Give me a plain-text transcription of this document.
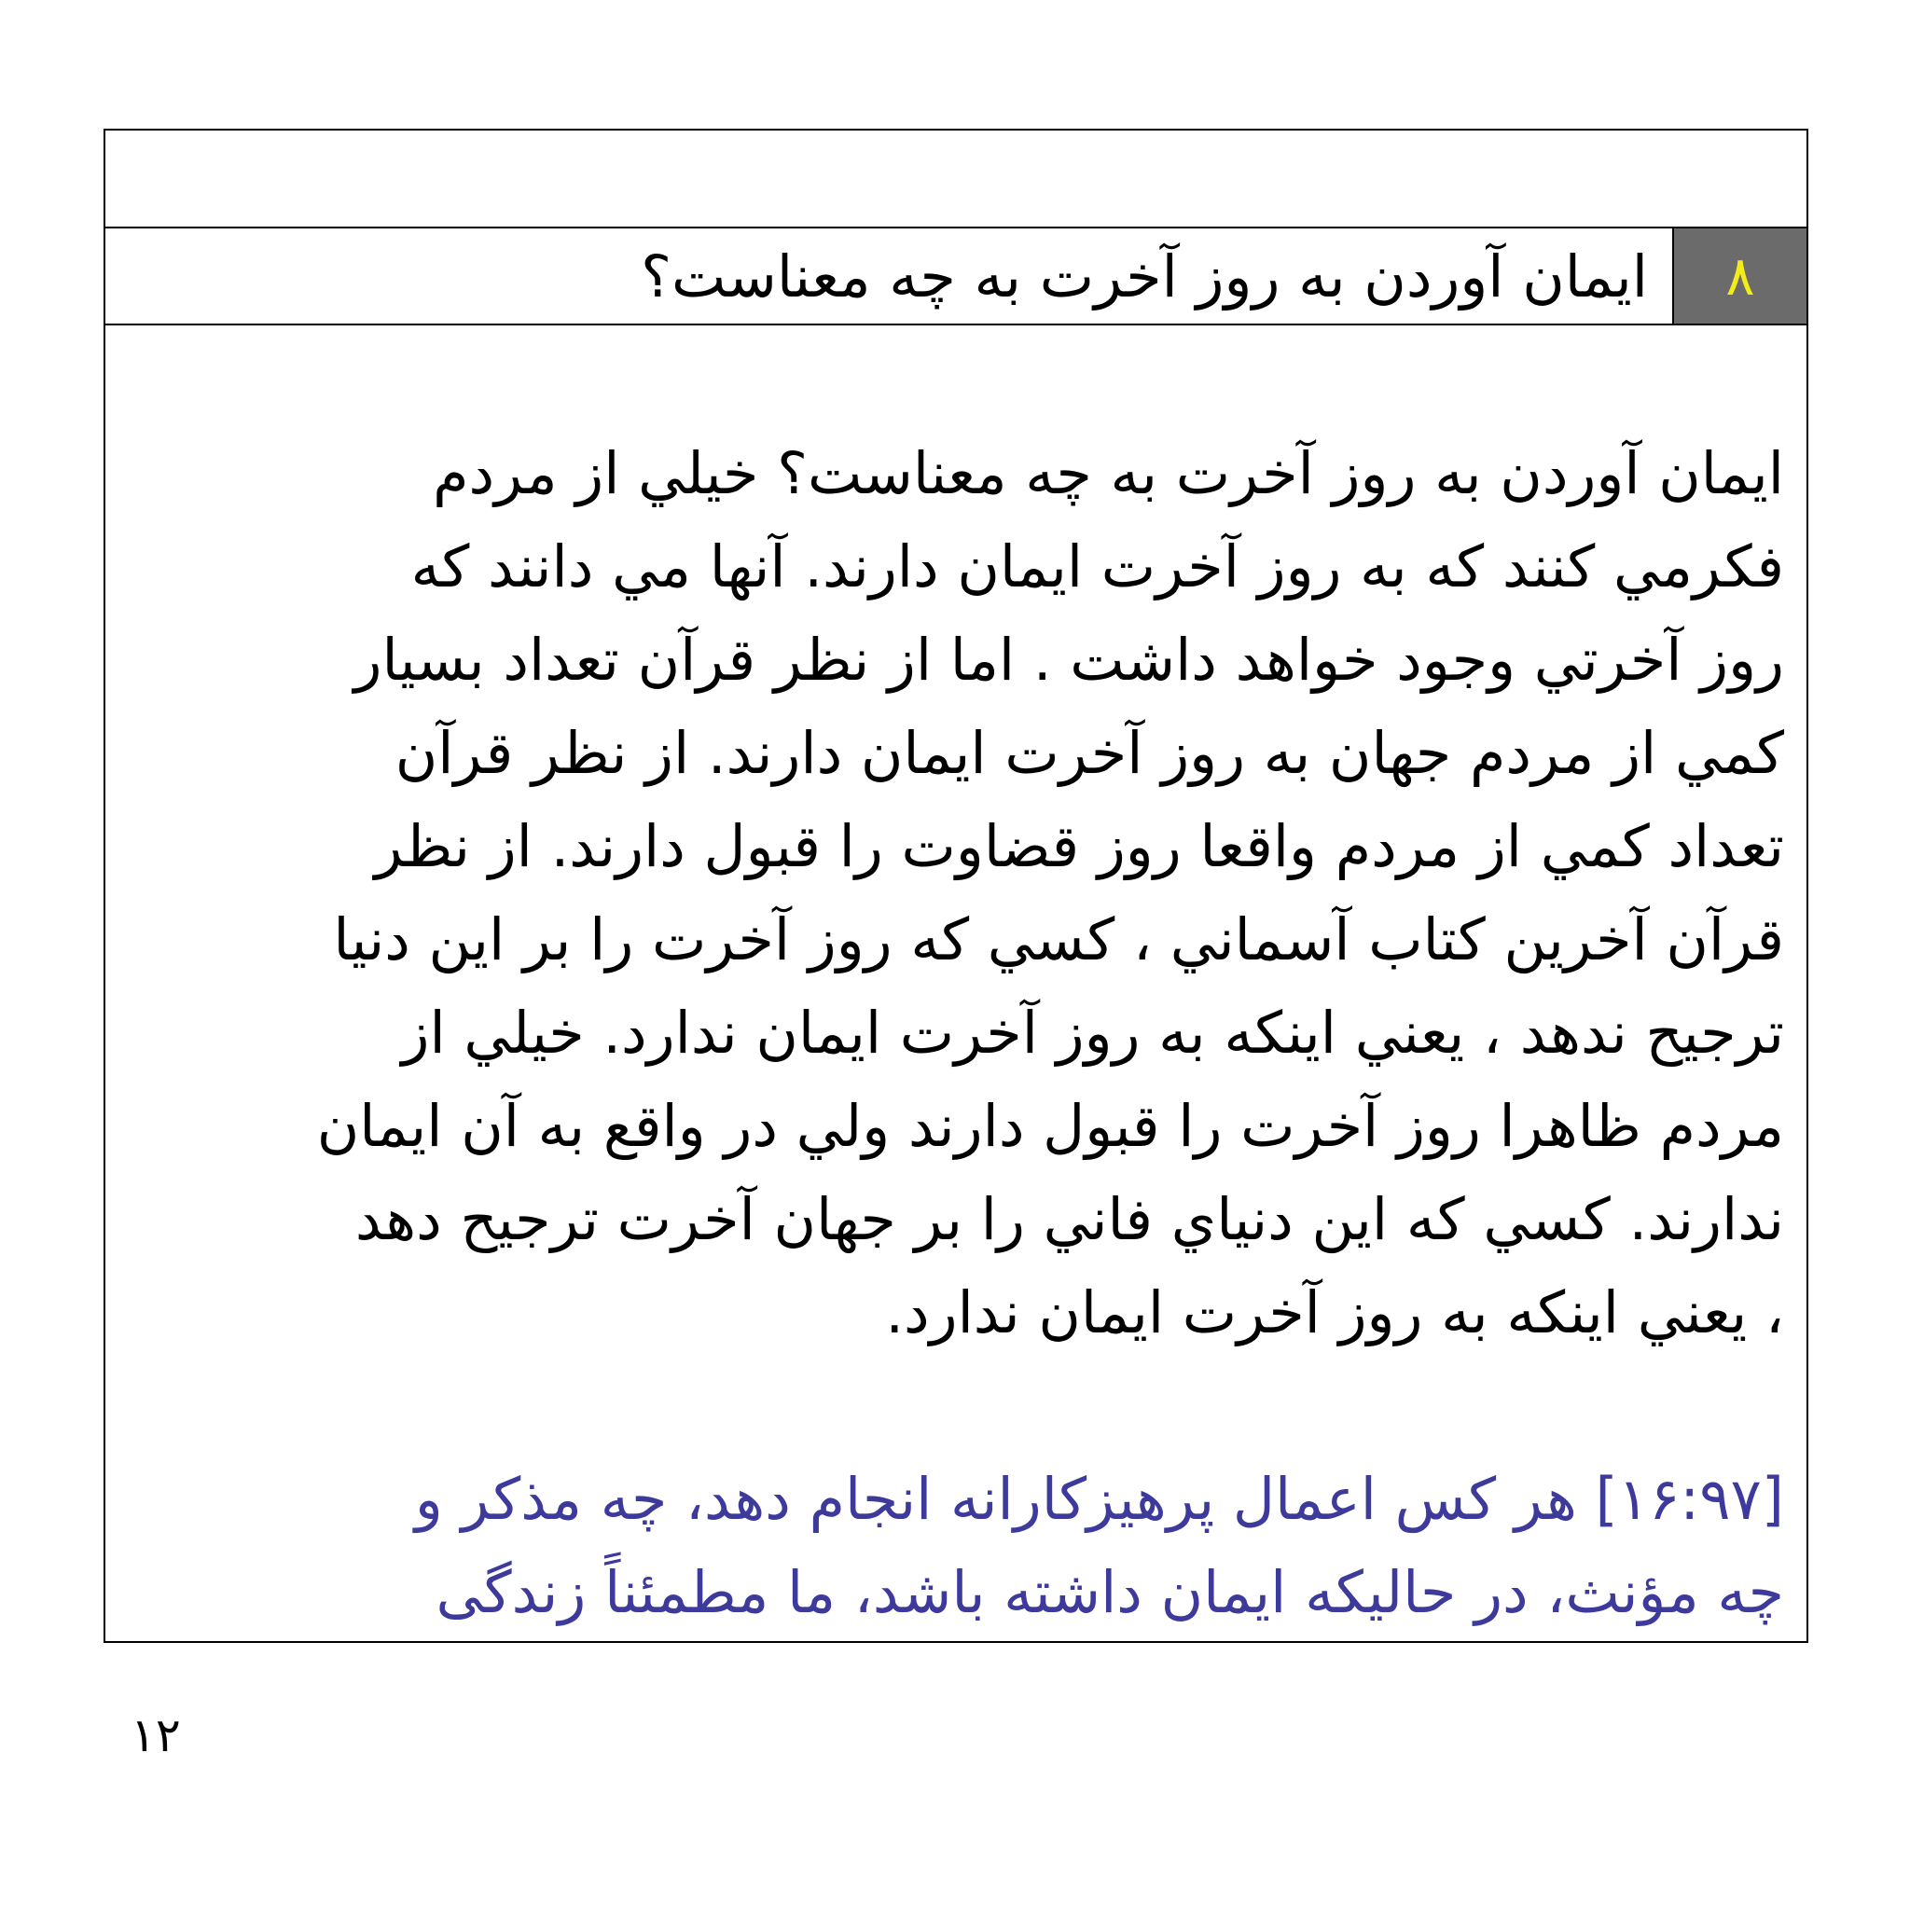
٨
ایمان آوردن به روز آخرت به چه معناست؟
ایمان آوردن به روز آخرت به چه معناست؟ خیلي از مردم
فکرمي کنند که به روز آخرت ایمان دارند. آنها مي دانند که
روز آخرتي وجود خواهد داشت . اما از نظر قرآن تعداد بسیار
کمي از مردم جهان به روز آخرت ایمان دارند. از نظر قرآن
تعداد کمي از مردم واقعا روز قضاوت را قبول دارند. از نظر
قرآن آخرین کتاب آسماني ، کسي که روز آخرت را بر این دنیا
ترجیح ندهد ، یعني اینکه به روز آخرت ایمان ندارد. خیلي از
مردم ظاهرا روز آخرت را قبول دارند ولي در واقع به آن ایمان
ندارند. کسي که این دنیاي فاني را بر جهان آخرت ترجیح دهد
، یعني اینکه به روز آخرت ایمان ندارد.
[۱۶:۹۷] هر کس اعمال پرهیزکارانه انجام دهد، چه مذکر و
چه مؤنث، در حالیکه ایمان داشته باشد، ما مطمئناً زندگی
۱۲
